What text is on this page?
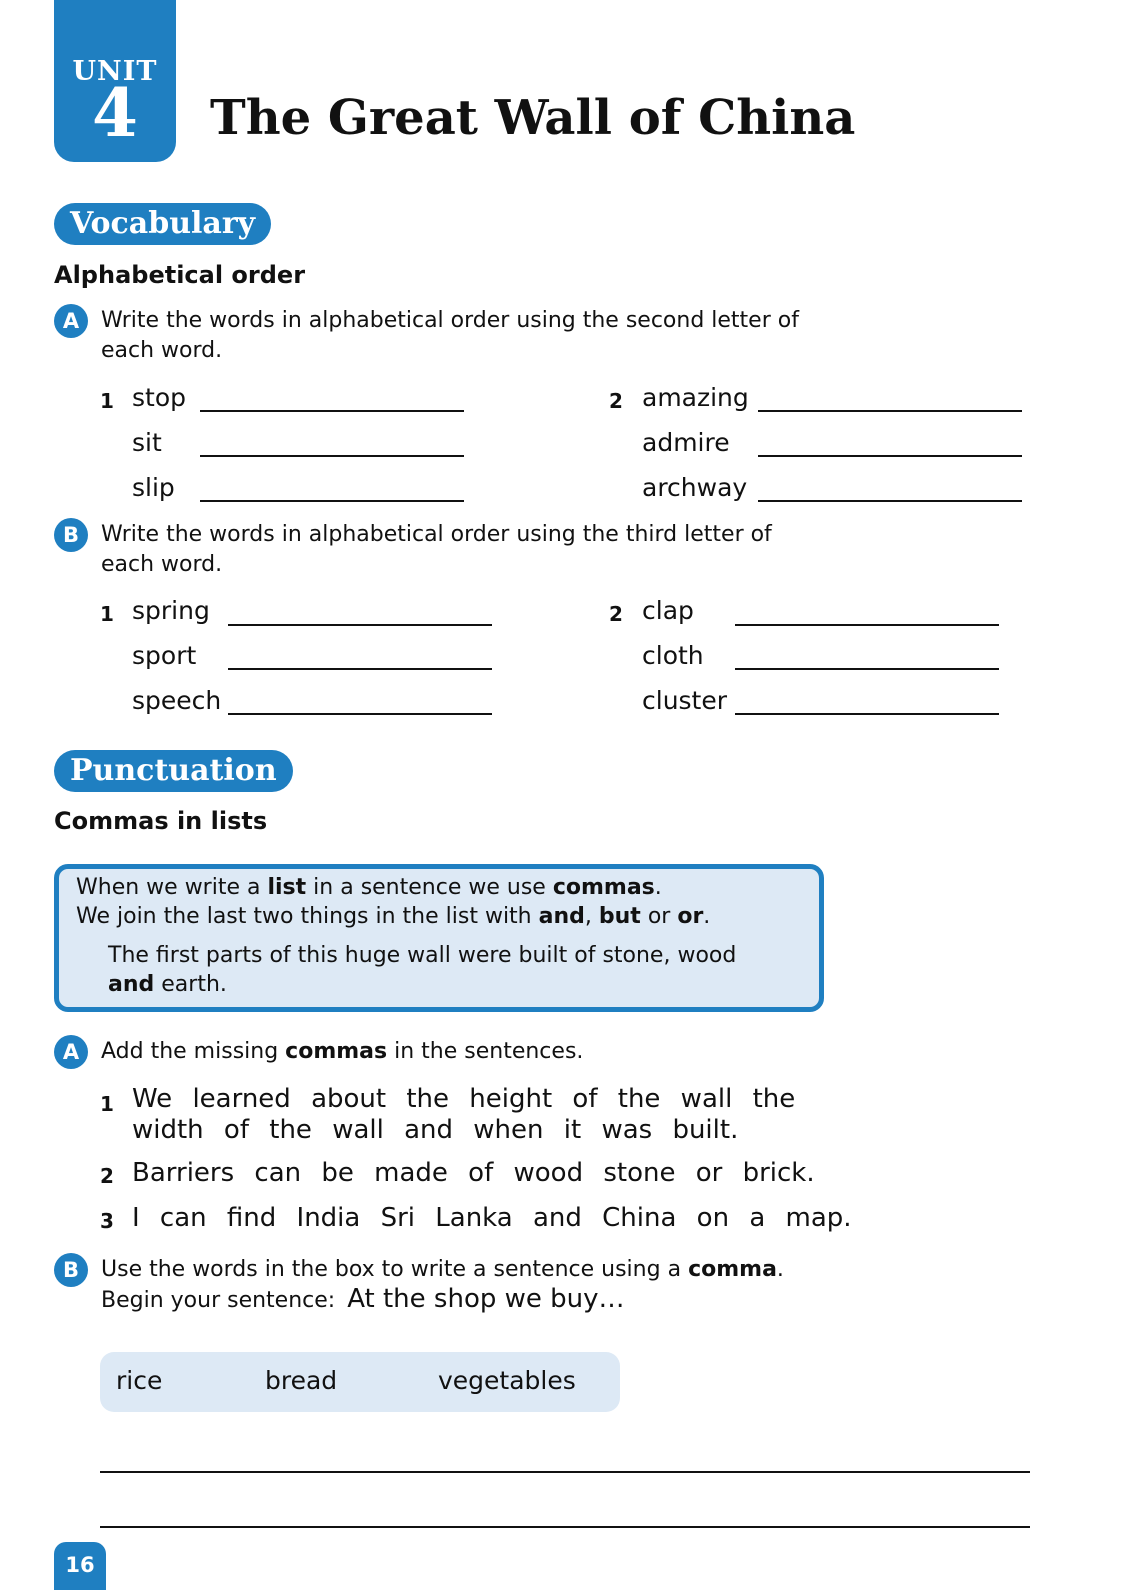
UNIT
4	The Great Wall of China
Vocabulary
Alphabetical order
A Write the words in alphabetical order using the second letter of each word.
1 stop
sit
slip
2 amazing
admire
archway
B	Write the words in alphabetical order using the third letter of each word.
1 spring
sport
speech
2 clap
cloth
cluster
Punctuation
Commas in lists
When we write a list in a sentence we use commas.
We join the last two things in the list with and, but or or.
The first parts of this huge wall were built of stone, wood
and earth.
A Add the missing commas in the sentences.
1 We learned about the height of the wall the width of the wall and when it was built.
2 Barriers can be made of wood stone or brick.
3 I can find India Sri Lanka and China on a map.
B	Use the words in the box to write a sentence using a comma.
Begin your sentence: At the shop we buy…
rice	bread	vegetables
16
